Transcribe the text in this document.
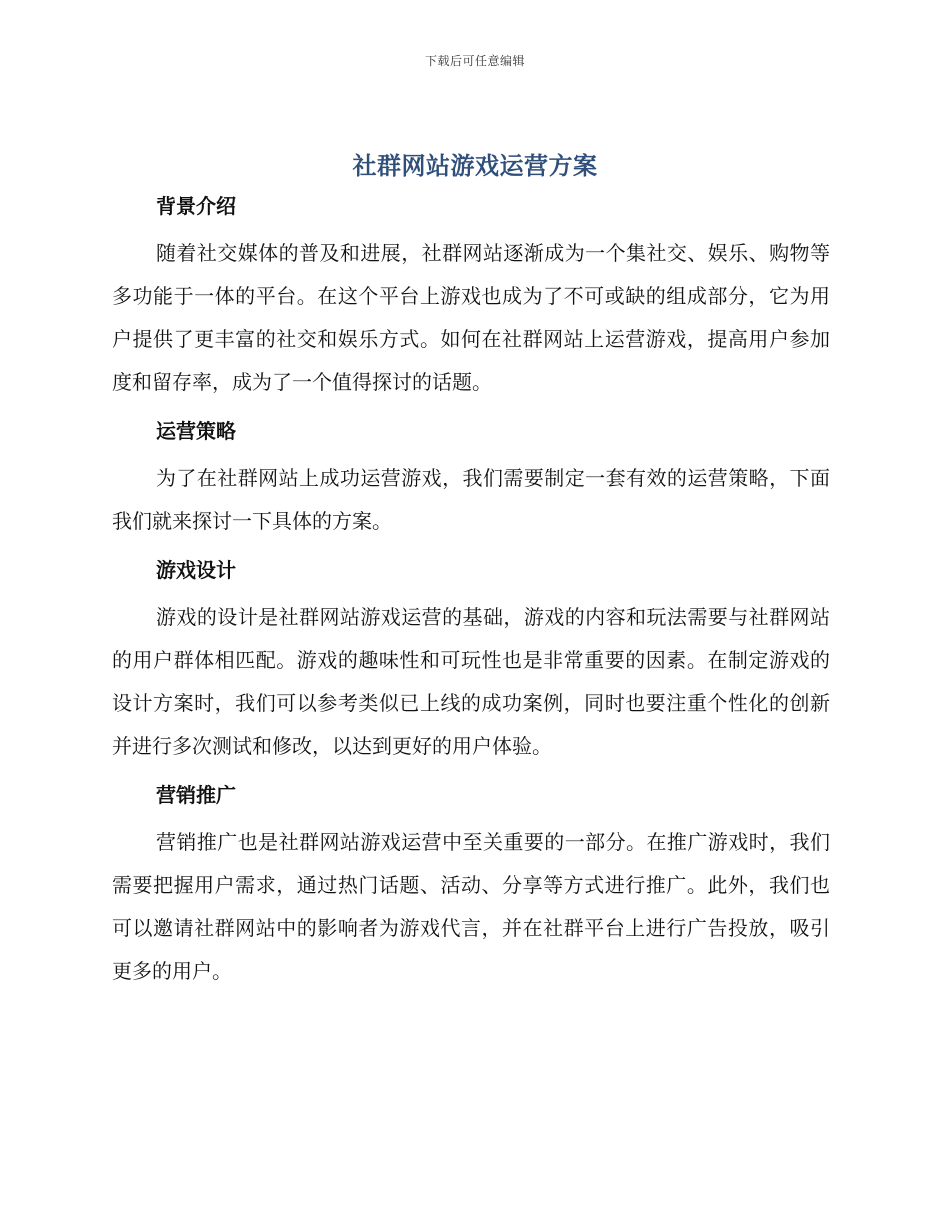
下载后可任意编辑
社群网站游戏运营方案
背景介绍

随着社交媒体的普及和进展，社群网站逐渐成为一个集社交、娱乐、购物等多功能于一体的平台。在这个平台上游戏也成为了不可或缺的组成部分，它为用户提供了更丰富的社交和娱乐方式。如何在社群网站上运营游戏，提高用户参加度和留存率，成为了一个值得探讨的话题。

运营策略

为了在社群网站上成功运营游戏，我们需要制定一套有效的运营策略，下面我们就来探讨一下具体的方案。

游戏设计

游戏的设计是社群网站游戏运营的基础，游戏的内容和玩法需要与社群网站的用户群体相匹配。游戏的趣味性和可玩性也是非常重要的因素。在制定游戏的设计方案时，我们可以参考类似已上线的成功案例，同时也要注重个性化的创新并进行多次测试和修改，以达到更好的用户体验。

营销推广

营销推广也是社群网站游戏运营中至关重要的一部分。在推广游戏时，我们需要把握用户需求，通过热门话题、活动、分享等方式进行推广。此外，我们也可以邀请社群网站中的影响者为游戏代言，并在社群平台上进行广告投放，吸引更多的用户。
